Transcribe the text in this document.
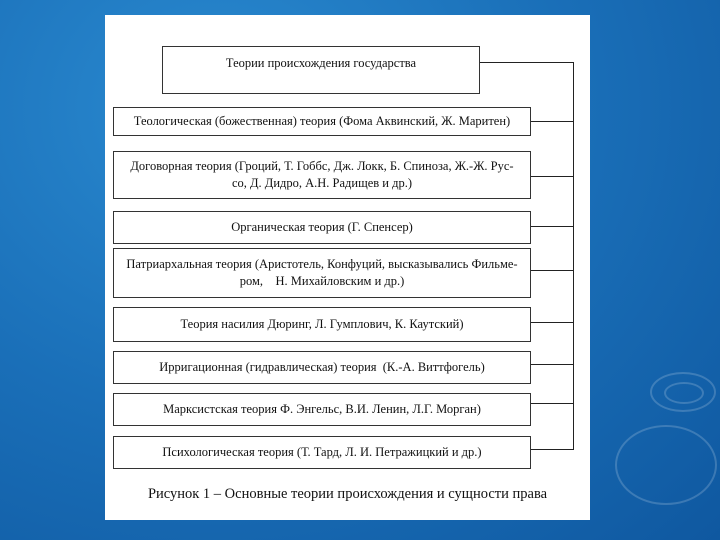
Теории происхождения государства
Теологическая (божественная) теория (Фома Аквинский, Ж. Маритен)
Договорная теория (Гроций, Т. Гоббс, Дж. Локк, Б. Спиноза, Ж.-Ж. Рус-со, Д. Дидро, А.Н. Радищев и др.)
Органическая теория (Г. Спенсер)
Патриархальная теория (Аристотель, Конфуций, высказывались Фильме-ром,    Н. Михайловским и др.)
Теория насилия Дюринг, Л. Гумплович, К. Каутский)
Ирригационная (гидравлическая) теория  (К.-А. Виттфогель)
Марксистская теория Ф. Энгельс, В.И. Ленин, Л.Г. Морган)
Психологическая теория (Т. Тард, Л. И. Петражицкий и др.)
Рисунок 1 – Основные теории происхождения и сущности права
